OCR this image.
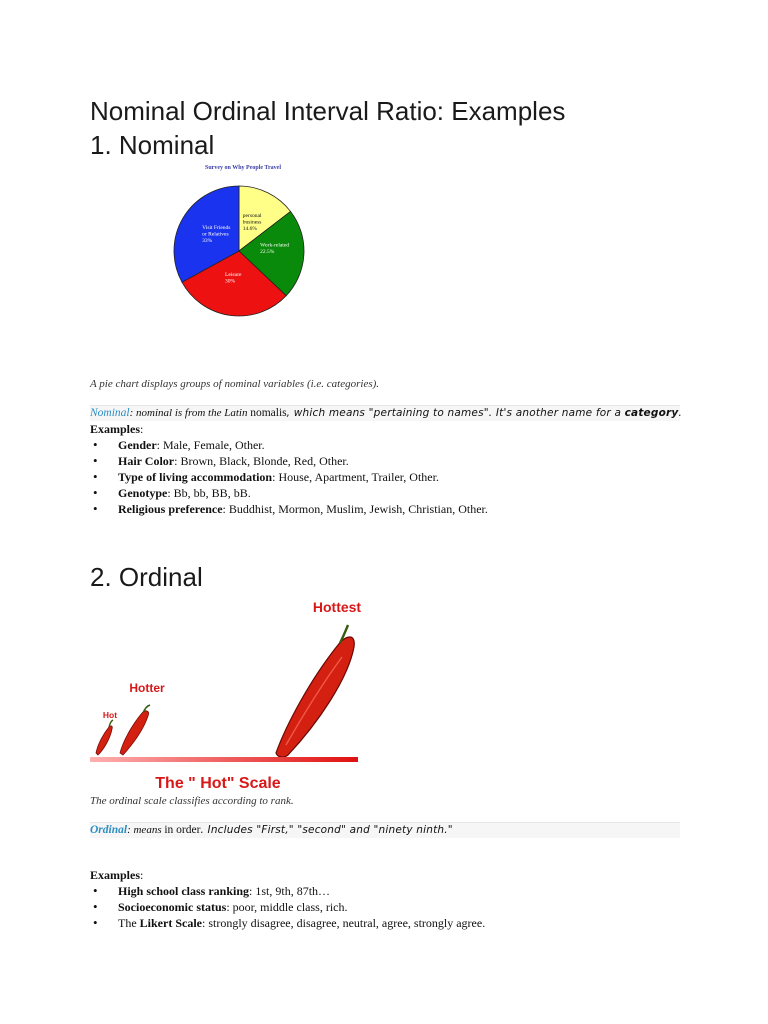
Nominal Ordinal Interval Ratio: Examples
1. Nominal
Survey on Why People Travel
personal business 14.6%
Work-related 22.5%
Leisure 30%
Visit Friends or Relatives 33%
A pie chart displays groups of nominal variables (i.e. categories).
Nominal: nominal is from the Latin nomalis, which means "pertaining to names". It's another name for a category.
Examples:
• Gender: Male, Female, Other.
• Hair Color: Brown, Black, Blonde, Red, Other.
• Type of living accommodation: House, Apartment, Trailer, Other.
• Genotype: Bb, bb, BB, bB.
• Religious preference: Buddhist, Mormon, Muslim, Jewish, Christian, Other.
2. Ordinal
Hottest
Hotter
Hot
The " Hot" Scale
The ordinal scale classifies according to rank.
Ordinal: means in order. Includes "First," "second" and "ninety ninth."
Examples:
• High school class ranking: 1st, 9th, 87th…
• Socioeconomic status: poor, middle class, rich.
• The Likert Scale: strongly disagree, disagree, neutral, agree, strongly agree.
